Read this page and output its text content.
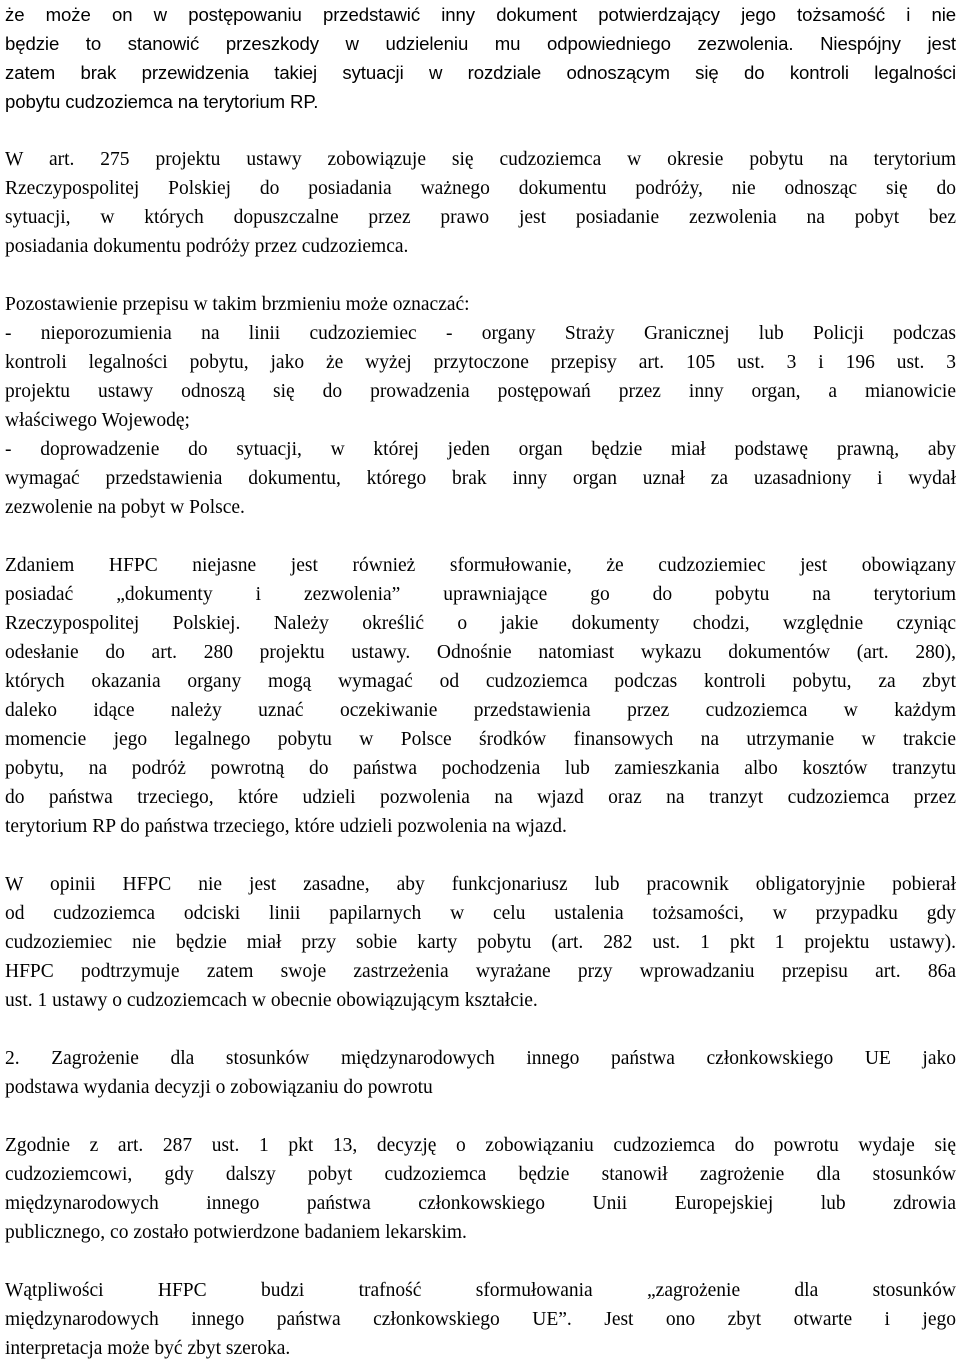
że może on w postępowaniu przedstawić inny dokument potwierdzający jego tożsamość i nie
będzie to stanowić przeszkody w udzieleniu mu odpowiedniego zezwolenia. Niespójny jest
zatem brak przewidzenia takiej sytuacji w rozdziale odnoszącym się do kontroli legalności
pobytu cudzoziemca na terytorium RP.
W art. 275 projektu ustawy zobowiązuje się cudzoziemca w okresie pobytu na terytorium
Rzeczypospolitej Polskiej do posiadania ważnego dokumentu podróży, nie odnosząc się do
sytuacji, w których dopuszczalne przez prawo jest posiadanie zezwolenia na pobyt bez
posiadania dokumentu podróży przez cudzoziemca.
Pozostawienie przepisu w takim brzmieniu może oznaczać:
- nieporozumienia na linii cudzoziemiec - organy Straży Granicznej lub Policji podczas
kontroli legalności pobytu, jako że wyżej przytoczone przepisy art. 105 ust. 3 i 196 ust. 3
projektu ustawy odnoszą się do prowadzenia postępowań przez inny organ, a mianowicie
właściwego Wojewodę;
- doprowadzenie do sytuacji, w której jeden organ będzie miał podstawę prawną, aby
wymagać przedstawienia dokumentu, którego brak inny organ uznał za uzasadniony i wydał
zezwolenie na pobyt w Polsce.
Zdaniem HFPC niejasne jest również sformułowanie, że cudzoziemiec jest obowiązany
posiadać „dokumenty i zezwolenia” uprawniające go do pobytu na terytorium
Rzeczypospolitej Polskiej. Należy określić o jakie dokumenty chodzi, względnie czyniąc
odesłanie do art. 280 projektu ustawy. Odnośnie natomiast wykazu dokumentów (art. 280),
których okazania organy mogą wymagać od cudzoziemca podczas kontroli pobytu, za zbyt
daleko idące należy uznać oczekiwanie przedstawienia przez cudzoziemca w każdym
momencie jego legalnego pobytu w Polsce środków finansowych na utrzymanie w trakcie
pobytu, na podróż powrotną do państwa pochodzenia lub zamieszkania albo kosztów tranzytu
do państwa trzeciego, które udzieli pozwolenia na wjazd oraz na tranzyt cudzoziemca przez
terytorium RP do państwa trzeciego, które udzieli pozwolenia na wjazd.
W opinii HFPC nie jest zasadne, aby funkcjonariusz lub pracownik obligatoryjnie pobierał
od cudzoziemca odciski linii papilarnych w celu ustalenia tożsamości, w przypadku gdy
cudzoziemiec nie będzie miał przy sobie karty pobytu (art. 282 ust. 1 pkt 1 projektu ustawy).
HFPC podtrzymuje zatem swoje zastrzeżenia wyrażane przy wprowadzaniu przepisu art. 86a
ust. 1 ustawy o cudzoziemcach w obecnie obowiązującym kształcie.
2. Zagrożenie dla stosunków międzynarodowych innego państwa członkowskiego UE jako
podstawa wydania decyzji o zobowiązaniu do powrotu
Zgodnie z art. 287 ust. 1 pkt 13, decyzję o zobowiązaniu cudzoziemca do powrotu wydaje się
cudzoziemcowi, gdy dalszy pobyt cudzoziemca będzie stanowił zagrożenie dla stosunków
międzynarodowych innego państwa członkowskiego Unii Europejskiej lub zdrowia
publicznego, co zostało potwierdzone badaniem lekarskim.
Wątpliwości HFPC budzi trafność sformułowania „zagrożenie dla stosunków
międzynarodowych innego państwa członkowskiego UE”. Jest ono zbyt otwarte i jego
interpretacja może być zbyt szeroka.
